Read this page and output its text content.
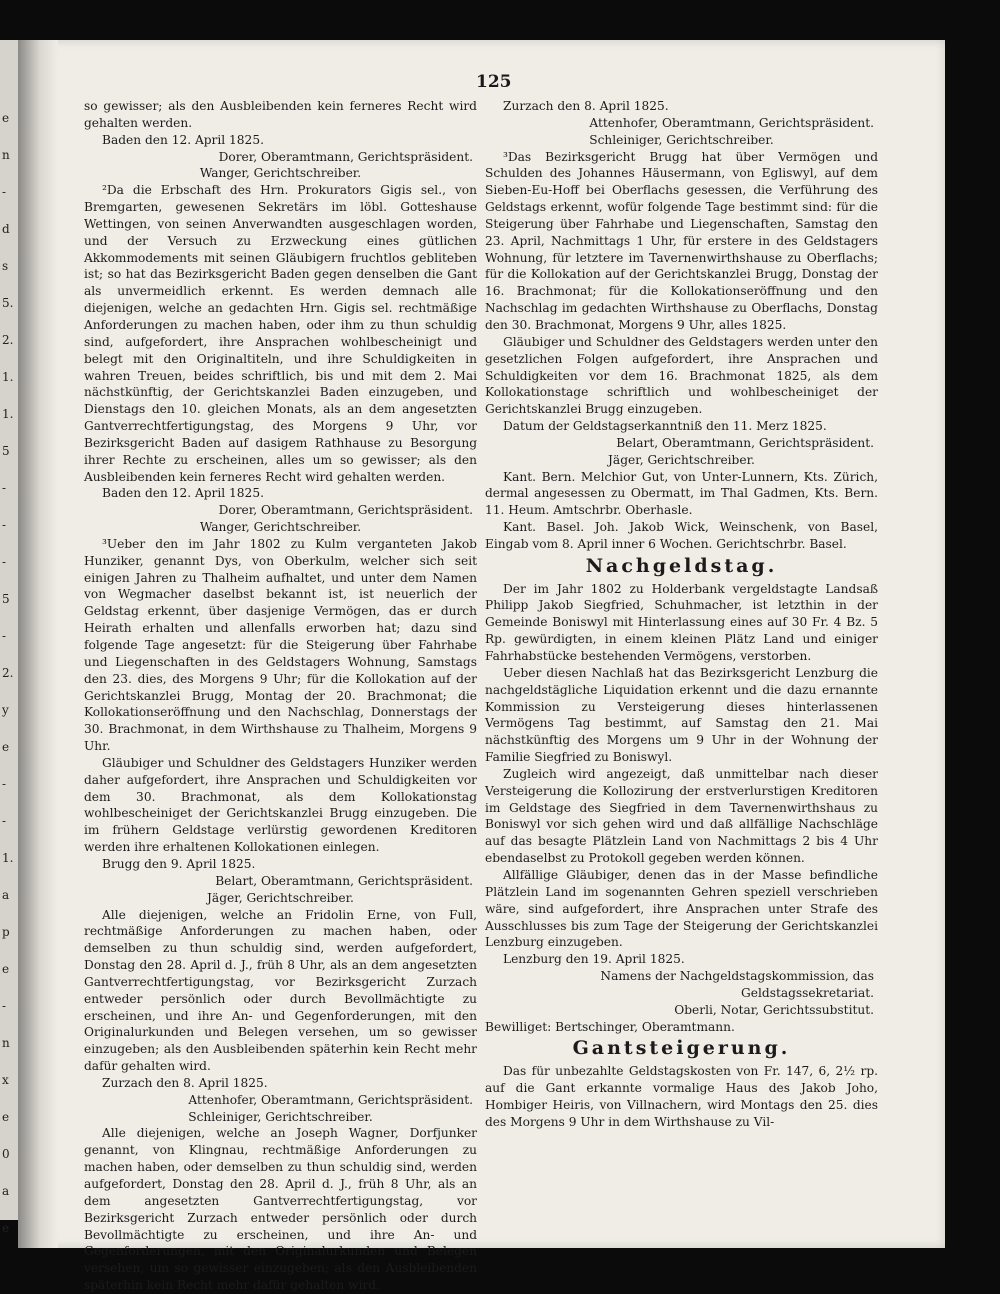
e
n
-
d
s
5.
2.
1.
1.
5
-
-
-
5
-
2.
y
e
-
-
1.
a
p
e
-
n
x
e
0
a
e
125

so gewisser; als den Ausbleibenden kein ferneres Recht wird gehalten werden.

Baden den 12. April 1825.

Dorer, Oberamtmann, Gerichtspräsident.

Wanger, Gerichtschreiber.

²Da die Erbschaft des Hrn. Prokurators Gigis sel., von Bremgarten, gewesenen Sekretärs im löbl. Gotteshause Wettingen, von seinen Anverwandten ausgeschlagen worden, und der Versuch zu Erzweckung eines gütlichen Akkommodements mit seinen Gläubigern fruchtlos gebliteben ist; so hat das Bezirksgericht Baden gegen denselben die Gant als unvermeidlich erkennt. Es werden demnach alle diejenigen, welche an gedachten Hrn. Gigis sel. rechtmäßige Anforderungen zu machen haben, oder ihm zu thun schuldig sind, aufgefordert, ihre Ansprachen wohlbescheinigt und belegt mit den Originaltiteln, und ihre Schuldigkeiten in wahren Treuen, beides schriftlich, bis und mit dem 2. Mai nächstkünftig, der Gerichtskanzlei Baden einzugeben, und Dienstags den 10. gleichen Monats, als an dem angesetzten Gantverrechtfertigungstag, des Morgens 9 Uhr, vor Bezirksgericht Baden auf dasigem Rathhause zu Besorgung ihrer Rechte zu erscheinen, alles um so gewisser; als den Ausbleibenden kein ferneres Recht wird gehalten werden.

Baden den 12. April 1825.

Dorer, Oberamtmann, Gerichtspräsident.

Wanger, Gerichtschreiber.

³Ueber den im Jahr 1802 zu Kulm verganteten Jakob Hunziker, genannt Dys, von Oberkulm, welcher sich seit einigen Jahren zu Thalheim aufhaltet, und unter dem Namen von Wegmacher daselbst bekannt ist, ist neuerlich der Geldstag erkennt, über dasjenige Vermögen, das er durch Heirath erhalten und allenfalls erworben hat; dazu sind folgende Tage angesetzt: für die Steigerung über Fahrhabe und Liegenschaften in des Geldstagers Wohnung, Samstags den 23. dies, des Morgens 9 Uhr; für die Kollokation auf der Gerichtskanzlei Brugg, Montag der 20. Brachmonat; die Kollokationseröffnung und den Nachschlag, Donnerstags der 30. Brachmonat, in dem Wirthshause zu Thalheim, Morgens 9 Uhr.

Gläubiger und Schuldner des Geldstagers Hunziker werden daher aufgefordert, ihre Ansprachen und Schuldigkeiten vor dem 30. Brachmonat, als dem Kollokationstag wohlbescheiniget der Gerichtskanzlei Brugg einzugeben. Die im frühern Geldstage verlürstig gewordenen Kreditoren werden ihre erhaltenen Kollokationen einlegen.

Brugg den 9. April 1825.

Belart, Oberamtmann, Gerichtspräsident.

Jäger, Gerichtschreiber.

Alle diejenigen, welche an Fridolin Erne, von Full, rechtmäßige Anforderungen zu machen haben, oder demselben zu thun schuldig sind, werden aufgefordert, Donstag den 28. April d. J., früh 8 Uhr, als an dem angesetzten Gantverrechtfertigungstag, vor Bezirksgericht Zurzach entweder persönlich oder durch Bevollmächtigte zu erscheinen, und ihre An- und Gegenforderungen, mit den Originalurkunden und Belegen versehen, um so gewisser einzugeben; als den Ausbleibenden späterhin kein Recht mehr dafür gehalten wird.

Zurzach den 8. April 1825.

Attenhofer, Oberamtmann, Gerichtspräsident.

Schleiniger, Gerichtschreiber.

Alle diejenigen, welche an Joseph Wagner, Dorfjunker genannt, von Klingnau, rechtmäßige Anforderungen zu machen haben, oder demselben zu thun schuldig sind, werden aufgefordert, Donstag den 28. April d. J., früh 8 Uhr, als an dem angesetzten Gantverrechtfertigungstag, vor Bezirksgericht Zurzach entweder persönlich oder durch Bevollmächtigte zu erscheinen, und ihre An- und Gegenforderungen, mit den Originalurkunden und Belegen versehen, um so gewisser einzugeben; als den Ausbleibenden späterhin kein Recht mehr dafür gehalten wird.

Zurzach den 8. April 1825.

Attenhofer, Oberamtmann, Gerichtspräsident.

Schleiniger, Gerichtschreiber.

³Das Bezirksgericht Brugg hat über Vermögen und Schulden des Johannes Häusermann, von Egliswyl, auf dem Sieben-Eu-Hoff bei Oberflachs gesessen, die Verführung des Geldstags erkennt, wofür folgende Tage bestimmt sind: für die Steigerung über Fahrhabe und Liegenschaften, Samstag den 23. April, Nachmittags 1 Uhr, für erstere in des Geldstagers Wohnung, für letztere im Tavernenwirthshause zu Oberflachs; für die Kollokation auf der Gerichtskanzlei Brugg, Donstag der 16. Brachmonat; für die Kollokationseröffnung und den Nachschlag im gedachten Wirthshause zu Oberflachs, Donstag den 30. Brachmonat, Morgens 9 Uhr, alles 1825.

Gläubiger und Schuldner des Geldstagers werden unter den gesetzlichen Folgen aufgefordert, ihre Ansprachen und Schuldigkeiten vor dem 16. Brachmonat 1825, als dem Kollokationstage schriftlich und wohlbescheiniget der Gerichtskanzlei Brugg einzugeben.

Datum der Geldstagserkanntniß den 11. Merz 1825.

Belart, Oberamtmann, Gerichtspräsident.

Jäger, Gerichtschreiber.

Kant. Bern. Melchior Gut, von Unter-Lunnern, Kts. Zürich, dermal angesessen zu Obermatt, im Thal Gadmen, Kts. Bern. 11. Heum. Amtschrbr. Oberhasle.

Kant. Basel. Joh. Jakob Wick, Weinschenk, von Basel, Eingab vom 8. April inner 6 Wochen. Gerichtschrbr. Basel.

Nachgeldstag.

Der im Jahr 1802 zu Holderbank vergeldstagte Landsaß Philipp Jakob Siegfried, Schuhmacher, ist letzthin in der Gemeinde Boniswyl mit Hinterlassung eines auf 30 Fr. 4 Bz. 5 Rp. gewürdigten, in einem kleinen Plätz Land und einiger Fahrhabstücke bestehenden Vermögens, verstorben.

Ueber diesen Nachlaß hat das Bezirksgericht Lenzburg die nachgeldstägliche Liquidation erkennt und die dazu ernannte Kommission zu Versteigerung dieses hinterlassenen Vermögens Tag bestimmt, auf Samstag den 21. Mai nächstkünftig des Morgens um 9 Uhr in der Wohnung der Familie Siegfried zu Boniswyl.

Zugleich wird angezeigt, daß unmittelbar nach dieser Versteigerung die Kollozirung der erstverlurstigen Kreditoren im Geldstage des Siegfried in dem Tavernenwirthshaus zu Boniswyl vor sich gehen wird und daß allfällige Nachschläge auf das besagte Plätzlein Land von Nachmittags 2 bis 4 Uhr ebendaselbst zu Protokoll gegeben werden können.

Allfällige Gläubiger, denen das in der Masse befindliche Plätzlein Land im sogenannten Gehren speziell verschrieben wäre, sind aufgefordert, ihre Ansprachen unter Strafe des Ausschlusses bis zum Tage der Steigerung der Gerichtskanzlei Lenzburg einzugeben.

Lenzburg den 19. April 1825.

Namens der Nachgeldstagskommission, das Geldstagssekretariat.

Oberli, Notar, Gerichtssubstitut.

Bewilliget: Bertschinger, Oberamtmann.

Gantsteigerung.

Das für unbezahlte Geldstagskosten von Fr. 147, 6, 2½ rp. auf die Gant erkannte vormalige Haus des Jakob Joho, Hombiger Heiris, von Villnachern, wird Montags den 25. dies des Morgens 9 Uhr in dem Wirthshause zu Vil-
